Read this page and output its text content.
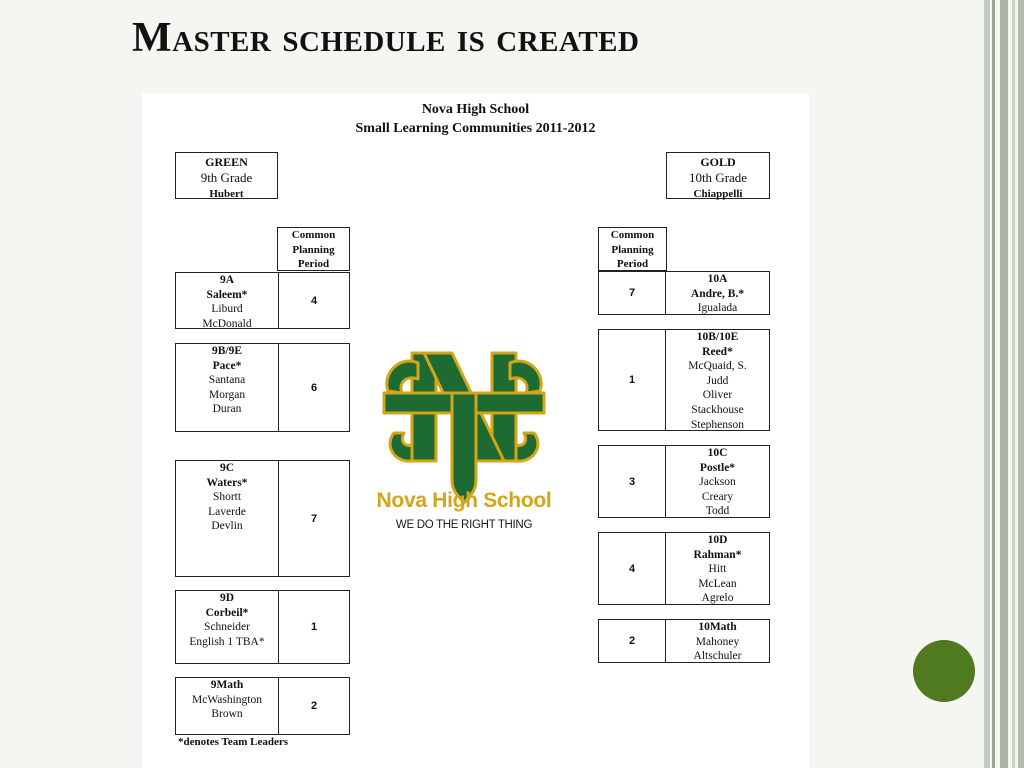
Master schedule is created
Nova High School
Small Learning Communities 2011-2012
GREEN
9th Grade
Hubert
GOLD
10th Grade
Chiappelli
Common
Planning
Period
Common
Planning
Period
9A
Saleem*
Liburd
McDonald
4
9B/9E
Pace*
Santana
Morgan
Duran
6
9C
Waters*
Shortt
Laverde
Devlin
7
9D
Corbeil*
Schneider
English 1 TBA*
1
9Math
McWashington
Brown
2
7
10A
Andre, B.*
Igualada
1
10B/10E
Reed*
McQuaid, S.
Judd
Oliver
Stackhouse
Stephenson
3
10C
Postle*
Jackson
Creary
Todd
4
10D
Rahman*
Hitt
McLean
Agrelo
2
10Math
Mahoney
Altschuler
Nova High School
WE DO THE RIGHT THING
*denotes Team Leaders
